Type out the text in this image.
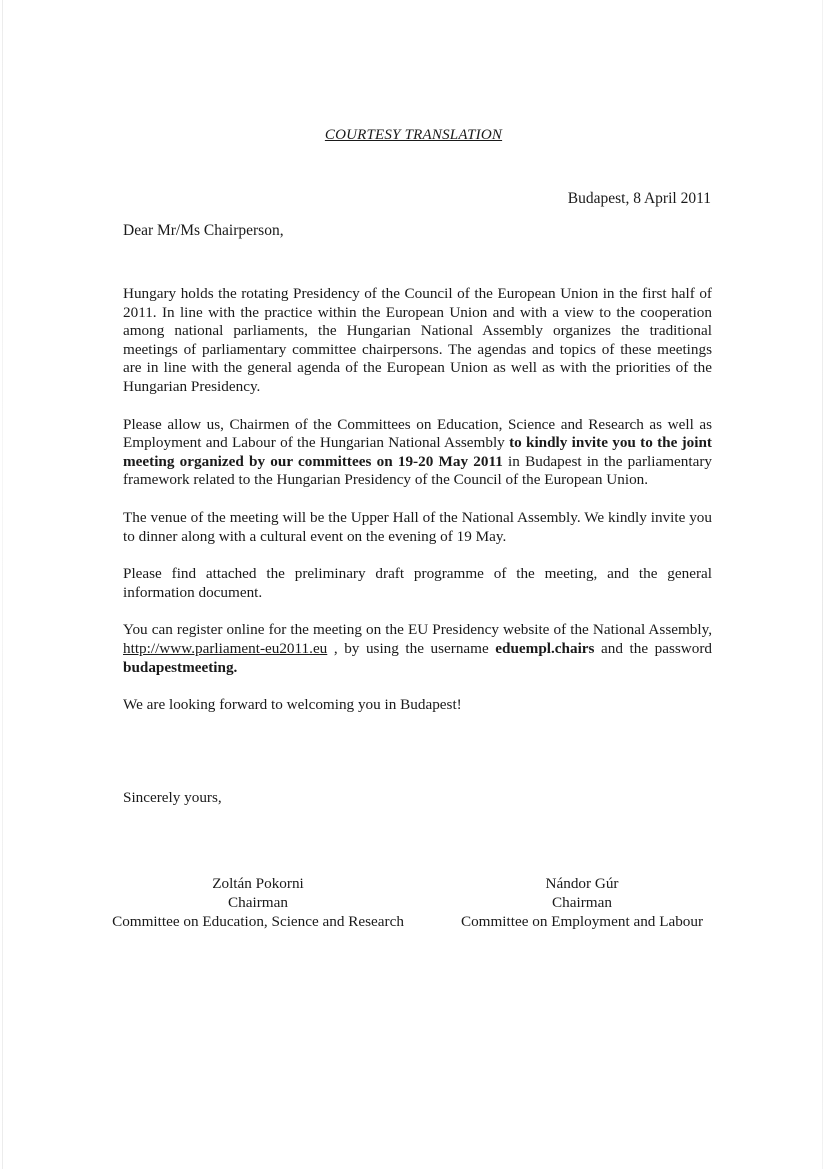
COURTESY TRANSLATION
Budapest, 8 April 2011
Dear Mr/Ms Chairperson,

Hungary holds the rotating Presidency of the Council of the European Union in the first half of 2011. In line with the practice within the European Union and with a view to the cooperation among national parliaments, the Hungarian National Assembly organizes the traditional meetings of parliamentary committee chairpersons. The agendas and topics of these meetings are in line with the general agenda of the European Union as well as with the priorities of the Hungarian Presidency.

Please allow us, Chairmen of the Committees on Education, Science and Research as well as Employment and Labour of the Hungarian National Assembly to kindly invite you to the joint meeting organized by our committees on 19-20 May 2011 in Budapest in the parliamentary framework related to the Hungarian Presidency of the Council of the European Union.

The venue of the meeting will be the Upper Hall of the National Assembly. We kindly invite you to dinner along with a cultural event on the evening of 19 May.

Please find attached the preliminary draft programme of the meeting, and the general information document.

You can register online for the meeting on the EU Presidency website of the National Assembly, http://www.parliament-eu2011.eu , by using the username eduempl.chairs and the password budapestmeeting.

We are looking forward to welcoming you in Budapest!

Sincerely yours,
Zoltán Pokorni
Chairman
Committee on Education, Science and Research
Nándor Gúr
Chairman
Committee on Employment and Labour
